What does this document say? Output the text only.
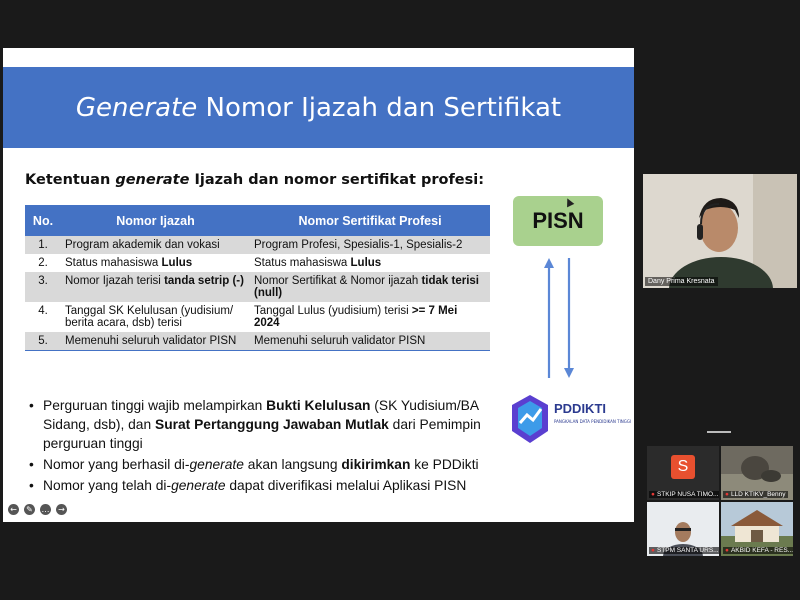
Generate Nomor Ijazah dan Sertifikat
Ketentuan generate Ijazah dan nomor sertifikat profesi:
No.	Nomor Ijazah	Nomor Sertifikat Profesi
1.	Program akademik dan vokasi	Program Profesi, Spesialis-1, Spesialis-2
2.	Status mahasiswa Lulus	Status mahasiswa Lulus
3.	Nomor Ijazah terisi tanda setrip (-)	Nomor Sertifikat & Nomor ijazah tidak terisi (null)
4.	Tanggal SK Kelulusan (yudisium/ berita acara, dsb) terisi	Tanggal Lulus (yudisium) terisi >= 7 Mei 2024
5.	Memenuhi seluruh validator PISN	Memenuhi seluruh validator PISN
• Perguruan tinggi wajib melampirkan Bukti Kelulusan (SK Yudisium/BA Sidang, dsb), dan Surat Pertanggung Jawaban Mutlak dari Pemimpin perguruan tinggi
• Nomor yang berhasil di-generate akan langsung dikirimkan ke PDDikti
• Nomor yang telah di-generate dapat diverifikasi melalui Aplikasi PISN
PISN
PDDIKTI
PANGKALAN DATA PENDIDIKAN TINGGI
← ✎ … →
Dany Prima Kresnata
S
● STKIP NUSA TIMO...	● LLD KTIKV_Benny
● STPM SANTA URS... ● AKBID KEFA - RES...
